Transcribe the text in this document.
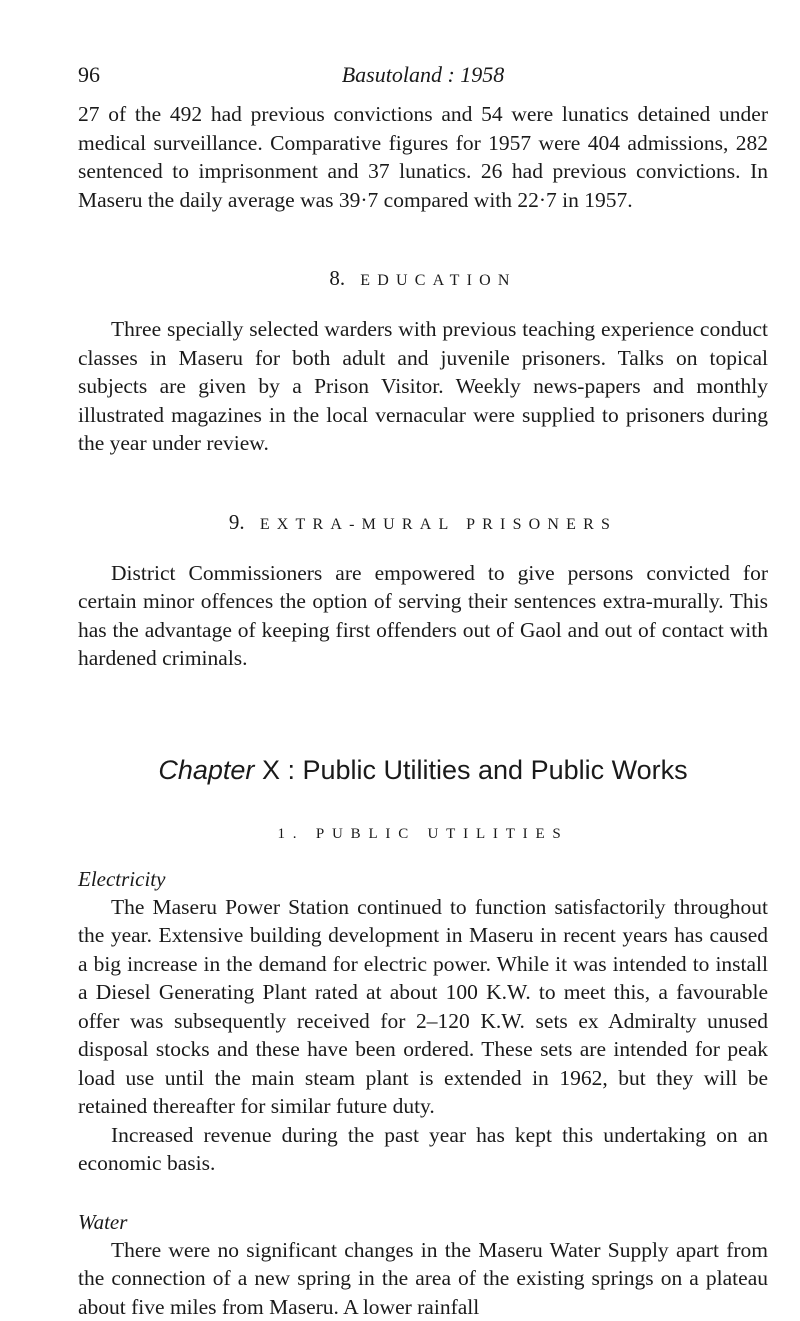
96	Basutoland : 1958

27 of the 492 had previous convictions and 54 were lunatics detained under medical surveillance. Comparative figures for 1957 were 404 admissions, 282 sentenced to imprisonment and 37 lunatics. 26 had previous convictions. In Maseru the daily average was 39·7 compared with 22·7 in 1957.

8. EDUCATION

Three specially selected warders with previous teaching experience conduct classes in Maseru for both adult and juvenile prisoners. Talks on topical subjects are given by a Prison Visitor. Weekly news-papers and monthly illustrated magazines in the local vernacular were supplied to prisoners during the year under review.

9. EXTRA-MURAL PRISONERS

District Commissioners are empowered to give persons convicted for certain minor offences the option of serving their sentences extra-murally. This has the advantage of keeping first offenders out of Gaol and out of contact with hardened criminals.

Chapter X : Public Utilities and Public Works
1. PUBLIC UTILITIES

Electricity

The Maseru Power Station continued to function satisfactorily throughout the year. Extensive building development in Maseru in recent years has caused a big increase in the demand for electric power. While it was intended to install a Diesel Generating Plant rated at about 100 K.W. to meet this, a favourable offer was subsequently received for 2–120 K.W. sets ex Admiralty unused disposal stocks and these have been ordered. These sets are intended for peak load use until the main steam plant is extended in 1962, but they will be retained thereafter for similar future duty.

Increased revenue during the past year has kept this undertaking on an economic basis.

Water

There were no significant changes in the Maseru Water Supply apart from the connection of a new spring in the area of the existing springs on a plateau about five miles from Maseru. A lower rainfall
